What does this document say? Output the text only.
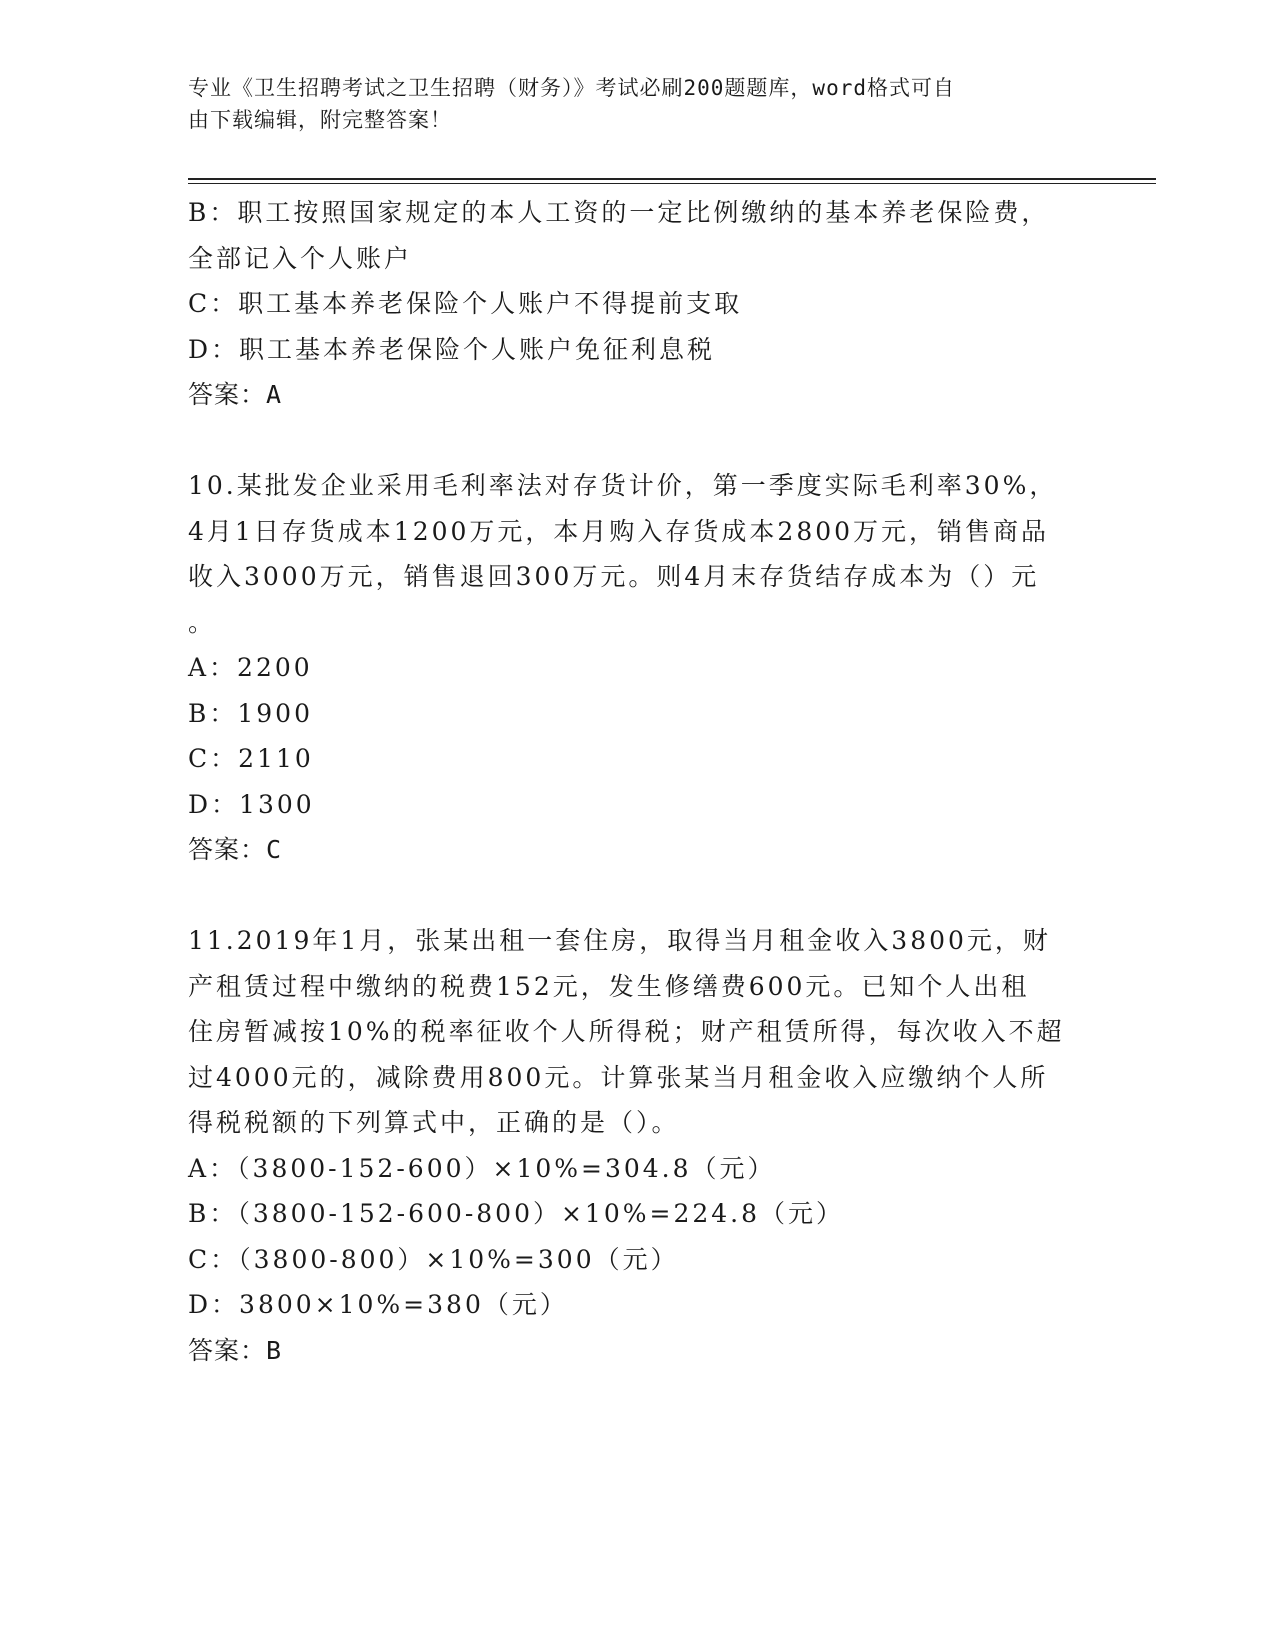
专业《卫生招聘考试之卫生招聘（财务）》考试必刷200题题库，word格式可自
由下载编辑，附完整答案！
B：职工按照国家规定的本人工资的一定比例缴纳的基本养老保险费，
全部记入个人账户
C：职工基本养老保险个人账户不得提前支取
D：职工基本养老保险个人账户免征利息税
答案：A
10.某批发企业采用毛利率法对存货计价，第一季度实际毛利率30%，
4月1日存货成本1200万元，本月购入存货成本2800万元，销售商品
收入3000万元，销售退回300万元。则4月末存货结存成本为（）元
。
A：2200
B：1900
C：2110
D：1300
答案：C
11.2019年1月，张某出租一套住房，取得当月租金收入3800元，财
产租赁过程中缴纳的税费152元，发生修缮费600元。已知个人出租
住房暂减按10%的税率征收个人所得税；财产租赁所得，每次收入不超
过4000元的，减除费用800元。计算张某当月租金收入应缴纳个人所
得税税额的下列算式中，正确的是（）。
A：（3800-152-600）×10%=304.8（元）
B：（3800-152-600-800）×10%=224.8（元）
C：（3800-800）×10%=300（元）
D：3800×10%=380（元）
答案：B
